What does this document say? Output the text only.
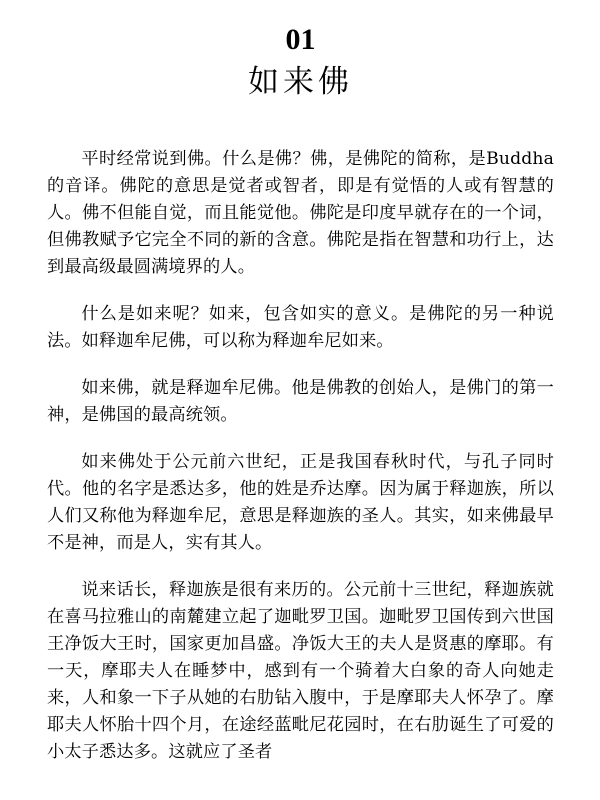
01
如来佛

平时经常说到佛。什么是佛？佛，是佛陀的简称，是Buddha的音译。佛陀的意思是觉者或智者，即是有觉悟的人或有智慧的人。佛不但能自觉，而且能觉他。佛陀是印度早就存在的一个词，但佛教赋予它完全不同的新的含意。佛陀是指在智慧和功行上，达到最高级最圆满境界的人。

什么是如来呢？如来，包含如实的意义。是佛陀的另一种说法。如释迦牟尼佛，可以称为释迦牟尼如来。

如来佛，就是释迦牟尼佛。他是佛教的创始人，是佛门的第一神，是佛国的最高统领。

如来佛处于公元前六世纪，正是我国春秋时代，与孔子同时代。他的名字是悉达多，他的姓是乔达摩。因为属于释迦族，所以人们又称他为释迦牟尼，意思是释迦族的圣人。其实，如来佛最早不是神，而是人，实有其人。

说来话长，释迦族是很有来历的。公元前十三世纪，释迦族就在喜马拉雅山的南麓建立起了迦毗罗卫国。迦毗罗卫国传到六世国王净饭大王时，国家更加昌盛。净饭大王的夫人是贤惠的摩耶。有一天，摩耶夫人在睡梦中，感到有一个骑着大白象的奇人向她走来，人和象一下子从她的右肋钻入腹中，于是摩耶夫人怀孕了。摩耶夫人怀胎十四个月，在途经蓝毗尼花园时，在右肋诞生了可爱的小太子悉达多。这就应了圣者
